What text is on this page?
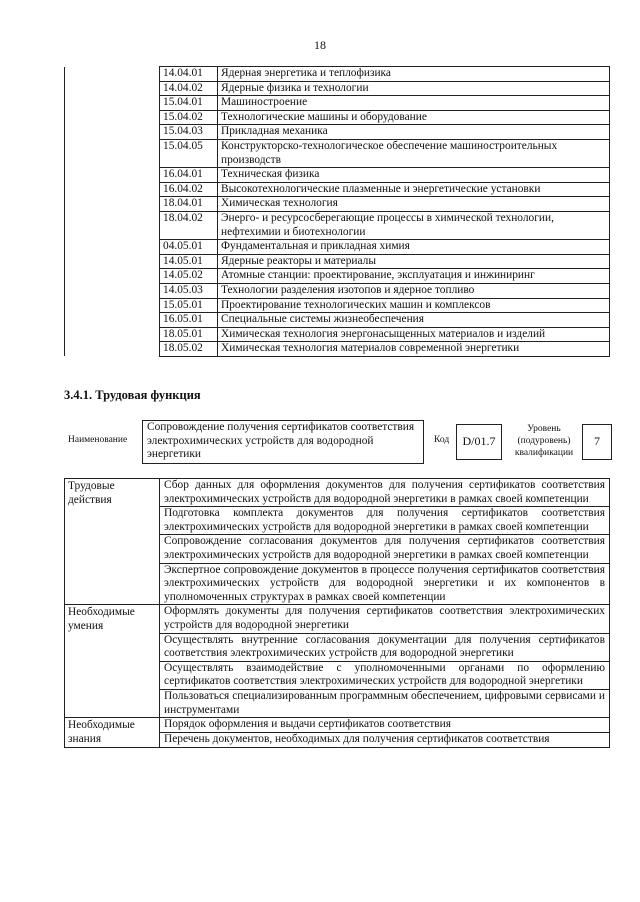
18
	14.04.01	Ядерная энергетика и теплофизика
	14.04.02	Ядерные физика и технологии
	15.04.01	Машиностроение
	15.04.02	Технологические машины и оборудование
	15.04.03	Прикладная механика
	15.04.05	Конструкторско-технологическое обеспечение машиностроительных производств
	16.04.01	Техническая физика
	16.04.02	Высокотехнологические плазменные и энергетические установки
	18.04.01	Химическая технология
	18.04.02	Энерго- и ресурсосберегающие процессы в химической технологии, нефтехимии и биотехнологии
	04.05.01	Фундаментальная и прикладная химия
	14.05.01	Ядерные реакторы и материалы
	14.05.02	Атомные станции: проектирование, эксплуатация и инжиниринг
	14.05.03	Технологии разделения изотопов и ядерное топливо
	15.05.01	Проектирование технологических машин и комплексов
	16.05.01	Специальные системы жизнеобеспечения
	18.05.01	Химическая технология энергонасыщенных материалов и изделий
	18.05.02	Химическая технология материалов современной энергетики
3.4.1. Трудовая функция
Наименование
Сопровождение получения сертификатов соответствия электрохимических устройств для водородной энергетики
Код	D/01.7
Уровень
(подуровень)
квалификации
7
Трудовые действия	Сбор данных для оформления документов для получения сертификатов соответствия электрохимических устройств для водородной энергетики в рамках своей компетенции
	Подготовка комплекта документов для получения сертификатов соответствия электрохимических устройств для водородной энергетики в рамках своей компетенции
	Сопровождение согласования документов для получения сертификатов соответствия электрохимических устройств для водородной энергетики в рамках своей компетенции
	Экспертное сопровождение документов в процессе получения сертификатов соответствия электрохимических устройств для водородной энергетики и их компонентов в уполномоченных структурах в рамках своей компетенции
Необходимые умения	Оформлять документы для получения сертификатов соответствия электрохимических устройств для водородной энергетики
	Осуществлять внутренние согласования документации для получения сертификатов соответствия электрохимических устройств для водородной энергетики
	Осуществлять взаимодействие с уполномоченными органами по оформлению сертификатов соответствия электрохимических устройств для водородной энергетики
	Пользоваться специализированным программным обеспечением, цифровыми сервисами и инструментами
Необходимые знания	Порядок оформления и выдачи сертификатов соответствия
	Перечень документов, необходимых для получения сертификатов соответствия
